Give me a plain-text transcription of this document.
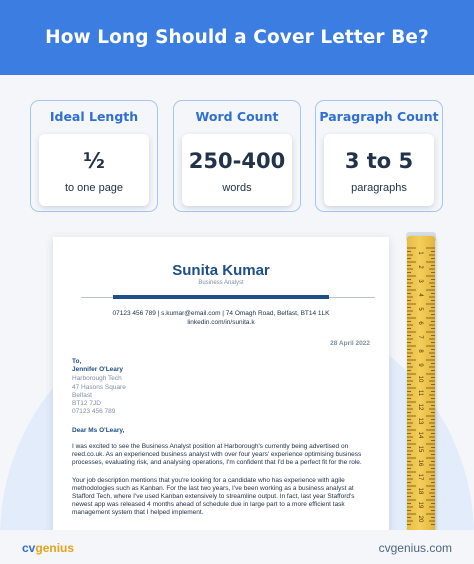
How Long Should a Cover Letter Be?
Ideal Length
½
to one page
Word Count
250-400
words
Paragraph Count
3 to 5
paragraphs
Sunita Kumar
Business Analyst
07123 456 789 | s.kumar@email.com | 74 Omagh Road, Belfast, BT14 1LK
linkedin.com/in/sunita.k
28 April 2022
To,
Jennifer O'Leary
Harborough Tech
47 Hasons Square
Belfast
BT12 7JD
07123 456 789
Dear Ms O'Leary,
I was excited to see the Business Analyst position at Harborough's currently being advertised on
reed.co.uk. As an experienced business analyst with over four years' experience optimising business
processes, evaluating risk, and analysing operations, I'm confident that I'd be a perfect fit for the role.
Your job description mentions that you're looking for a candidate who has experience with agile
methodologies such as Kanban. For the last two years, I've been working as a business analyst at
Stafford Tech, where I've used Kanban extensively to streamline output. In fact, last year Stafford's
newest app was released 4 months ahead of schedule due in large part to a more efficient task
management system that I helped implement.
1
2
3
4
5
6
7
8
9
10
11
12
13
14
15
16
17
18
19
20
cvgenius	cvgenius.com
